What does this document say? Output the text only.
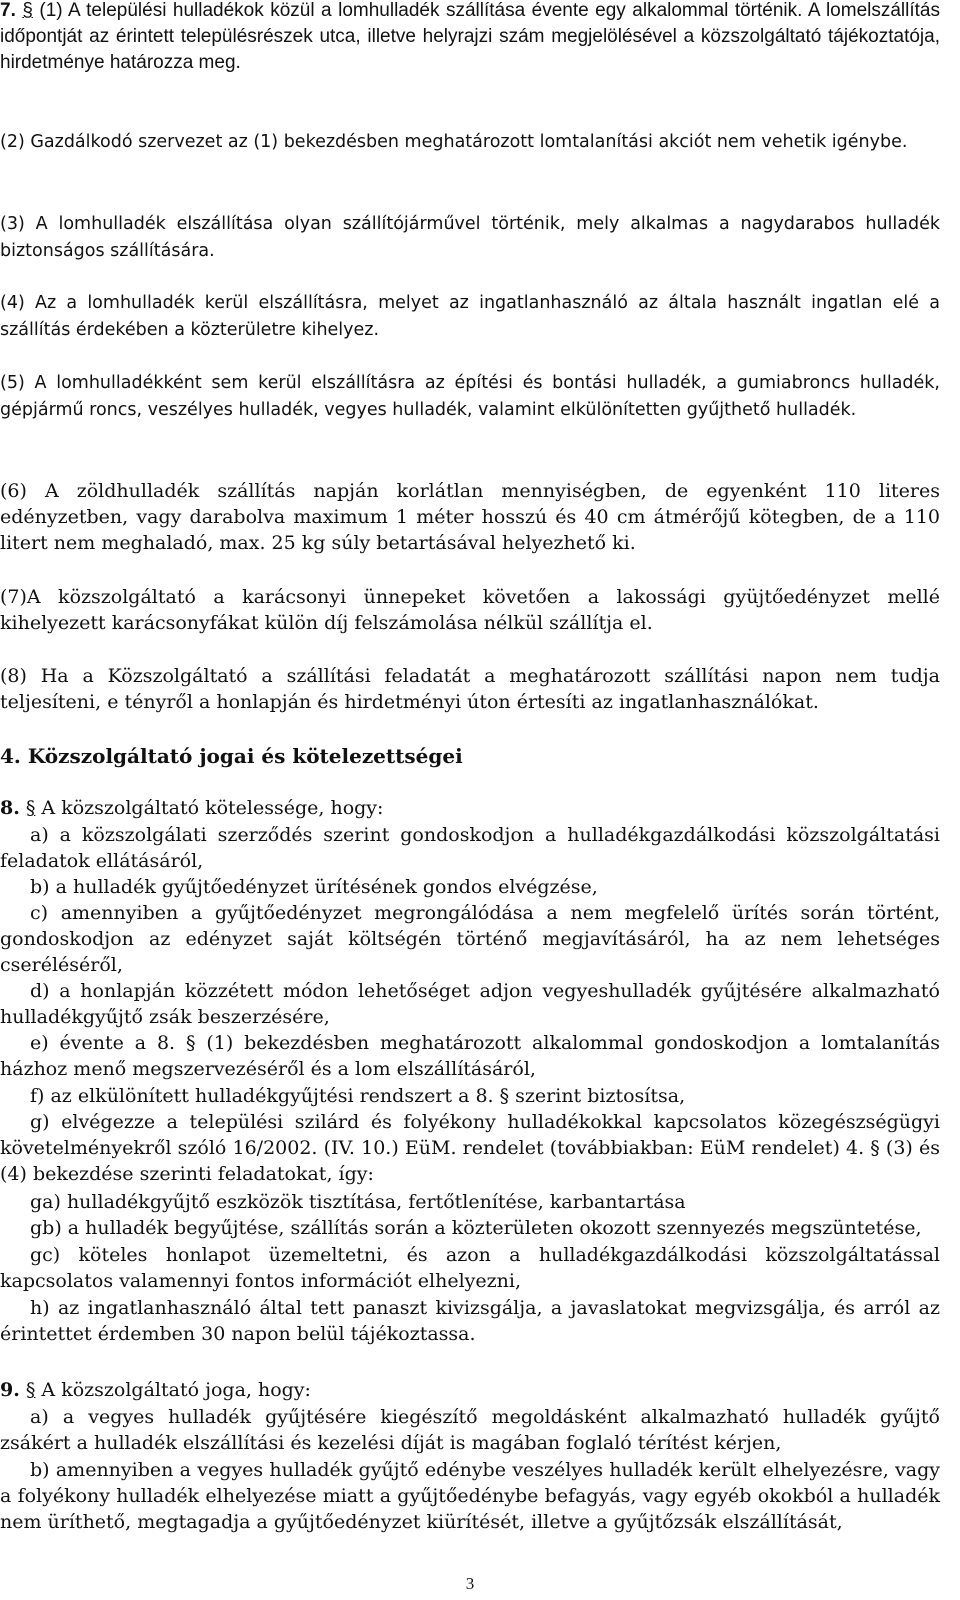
7. § (1) A települési hulladékok közül a lomhulladék szállítása évente egy alkalommal történik. A lomelszállítás időpontját az érintett településrészek utca, illetve helyrajzi szám megjelölésével a közszolgáltató tájékoztatója, hirdetménye határozza meg.

(2) Gazdálkodó szervezet az (1) bekezdésben meghatározott lomtalanítási akciót nem vehetik igénybe.

(3) A lomhulladék elszállítása olyan szállítójárművel történik, mely alkalmas a nagydarabos hulladék biztonságos szállítására.

(4) Az a lomhulladék kerül elszállításra, melyet az ingatlanhasználó az általa használt ingatlan elé a szállítás érdekében a közterületre kihelyez.

(5) A lomhulladékként sem kerül elszállításra az építési és bontási hulladék, a gumiabroncs hulladék, gépjármű roncs, veszélyes hulladék, vegyes hulladék, valamint elkülönítetten gyűjthető hulladék.

(6) A zöldhulladék szállítás napján korlátlan mennyiségben, de egyenként 110 literes edényzetben, vagy darabolva maximum 1 méter hosszú és 40 cm átmérőjű kötegben, de a 110 litert nem meghaladó, max. 25 kg súly betartásával helyezhető ki.

(7)A közszolgáltató a karácsonyi ünnepeket követően a lakossági gyüjtőedényzet mellé kihelyezett karácsonyfákat külön díj felszámolása nélkül szállítja el.

(8) Ha a Közszolgáltató a szállítási feladatát a meghatározott szállítási napon nem tudja teljesíteni, e tényről a honlapján és hirdetményi úton értesíti az ingatlanhasználókat.

4. Közszolgáltató jogai és kötelezettségei

8. § A közszolgáltató kötelessége, hogy:

a) a közszolgálati szerződés szerint gondoskodjon a hulladékgazdálkodási közszolgáltatási feladatok ellátásáról,

b) a hulladék gyűjtőedényzet ürítésének gondos elvégzése,

c) amennyiben a gyűjtőedényzet megrongálódása a nem megfelelő ürítés során történt, gondoskodjon az edényzet saját költségén történő megjavításáról, ha az nem lehetséges cseréléséről,

d) a honlapján közzétett módon lehetőséget adjon vegyeshulladék gyűjtésére alkalmazható hulladékgyűjtő zsák beszerzésére,

e) évente a 8. § (1) bekezdésben meghatározott alkalommal gondoskodjon a lomtalanítás házhoz menő megszervezéséről és a lom elszállításáról,

f) az elkülönített hulladékgyűjtési rendszert a 8. § szerint biztosítsa,

g) elvégezze a települési szilárd és folyékony hulladékokkal kapcsolatos közegészségügyi követelményekről szóló 16/2002. (IV. 10.) EüM. rendelet (továbbiakban: EüM rendelet) 4. § (3) és (4) bekezdése szerinti feladatokat, így:

ga) hulladékgyűjtő eszközök tisztítása, fertőtlenítése, karbantartása

gb) a hulladék begyűjtése, szállítás során a közterületen okozott szennyezés megszüntetése,

gc) köteles honlapot üzemeltetni, és azon a hulladékgazdálkodási közszolgáltatással kapcsolatos valamennyi fontos információt elhelyezni,

h) az ingatlanhasználó által tett panaszt kivizsgálja, a javaslatokat megvizsgálja, és arról az érintettet érdemben 30 napon belül tájékoztassa.

9. § A közszolgáltató joga, hogy:

a) a vegyes hulladék gyűjtésére kiegészítő megoldásként alkalmazható hulladék gyűjtő zsákért a hulladék elszállítási és kezelési díját is magában foglaló térítést kérjen,

b) amennyiben a vegyes hulladék gyűjtő edénybe veszélyes hulladék került elhelyezésre, vagy a folyékony hulladék elhelyezése miatt a gyűjtőedénybe befagyás, vagy egyéb okokból a hulladék nem üríthető, megtagadja a gyűjtőedényzet kiürítését, illetve a gyűjtőzsák elszállítását,

3
